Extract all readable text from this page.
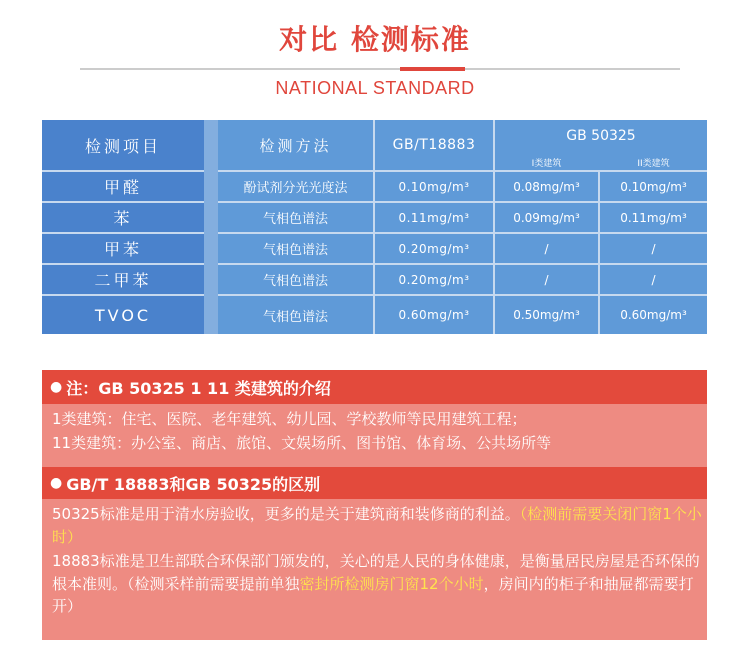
对比 检测标准
NATIONAL STANDARD
检测项目	检测方法	GB/T18883
GB 50325
I类建筑	II类建筑
甲醛	酚试剂分光光度法	0.10mg/m³	0.08mg/m³	0.10mg/m³
苯	气相色谱法	0.11mg/m³	0.09mg/m³	0.11mg/m³
甲苯	气相色谱法	0.20mg/m³	/	/
二甲苯	气相色谱法	0.20mg/m³	/	/
TVOC	气相色谱法	0.60mg/m³	0.50mg/m³	0.60mg/m³
● 注：GB 50325 1 11 类建筑的介绍
1类建筑：住宅、医院、老年建筑、幼儿园、学校教师等民用建筑工程；
11类建筑：办公室、商店、旅馆、文娱场所、图书馆、体育场、公共场所等
● GB/T 18883和GB 50325的区别
50325标准是用于清水房验收，更多的是关于建筑商和装修商的利益。（检测前需要关闭门窗1个小时）
18883标准是卫生部联合环保部门颁发的，关心的是人民的身体健康，是衡量居民房屋是否环保的根本准则。（检测采样前需要提前单独密封所检测房门窗12个小时，房间内的柜子和抽屉都需要打开）
